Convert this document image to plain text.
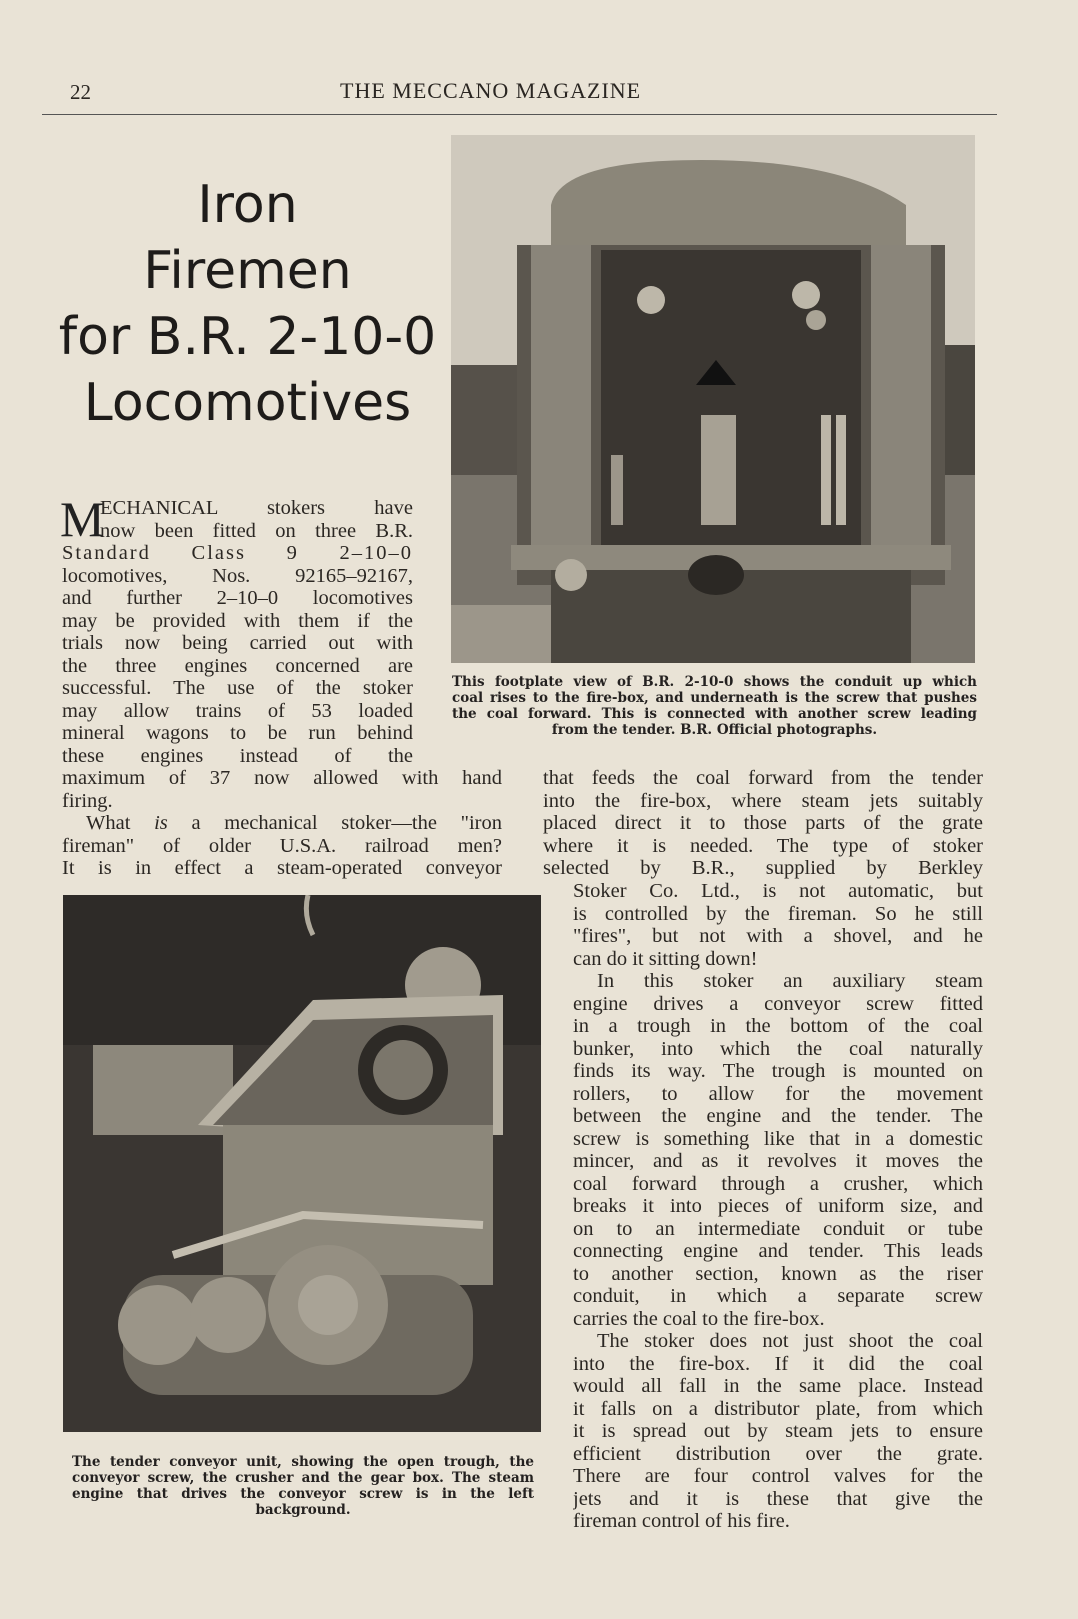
22	THE MECCANO MAGAZINE
Iron
Firemen
for B.R. 2-10-0
Locomotives
M
ECHANICAL stokers have
now been fitted on three B.R.
Standard Class 9 2–10–0
locomotives, Nos. 92165–92167,
and further 2–10–0 locomotives
may be provided with them if the
trials now being carried out with
the three engines concerned are
successful. The use of the stoker
may allow trains of 53 loaded
mineral wagons to be run behind
these engines instead of the
maximum of 37 now allowed with hand
firing.
What is a mechanical stoker—the "iron
fireman" of older U.S.A. railroad men?
It is in effect a steam-operated conveyor
that feeds the coal forward from the tender
into the fire-box, where steam jets suitably
placed direct it to those parts of the grate
where it is needed. The type of stoker
selected by B.R., supplied by Berkley
Stoker Co. Ltd., is not automatic, but
is controlled by the fireman. So he still
"fires", but not with a shovel, and he
can do it sitting down!
In this stoker an auxiliary steam
engine drives a conveyor screw fitted
in a trough in the bottom of the coal
bunker, into which the coal naturally
finds its way. The trough is mounted on
rollers, to allow for the movement
between the engine and the tender. The
screw is something like that in a domestic
mincer, and as it revolves it moves the
coal forward through a crusher, which
breaks it into pieces of uniform size, and
on to an intermediate conduit or tube
connecting engine and tender. This leads
to another section, known as the riser
conduit, in which a separate screw
carries the coal to the fire-box.
The stoker does not just shoot the coal
into the fire-box. If it did the coal
would all fall in the same place. Instead
it falls on a distributor plate, from which
it is spread out by steam jets to ensure
efficient distribution over the grate.
There are four control valves for the
jets and it is these that give the
fireman control of his fire.
This footplate view of B.R. 2-10-0 shows the conduit up which
coal rises to the fire-box, and underneath is the screw that pushes
the coal forward. This is connected with another screw leading
from the tender. B.R. Official photographs.
The tender conveyor unit, showing the open trough, the
conveyor screw, the crusher and the gear box. The steam
engine that drives the conveyor screw is in the left
background.
